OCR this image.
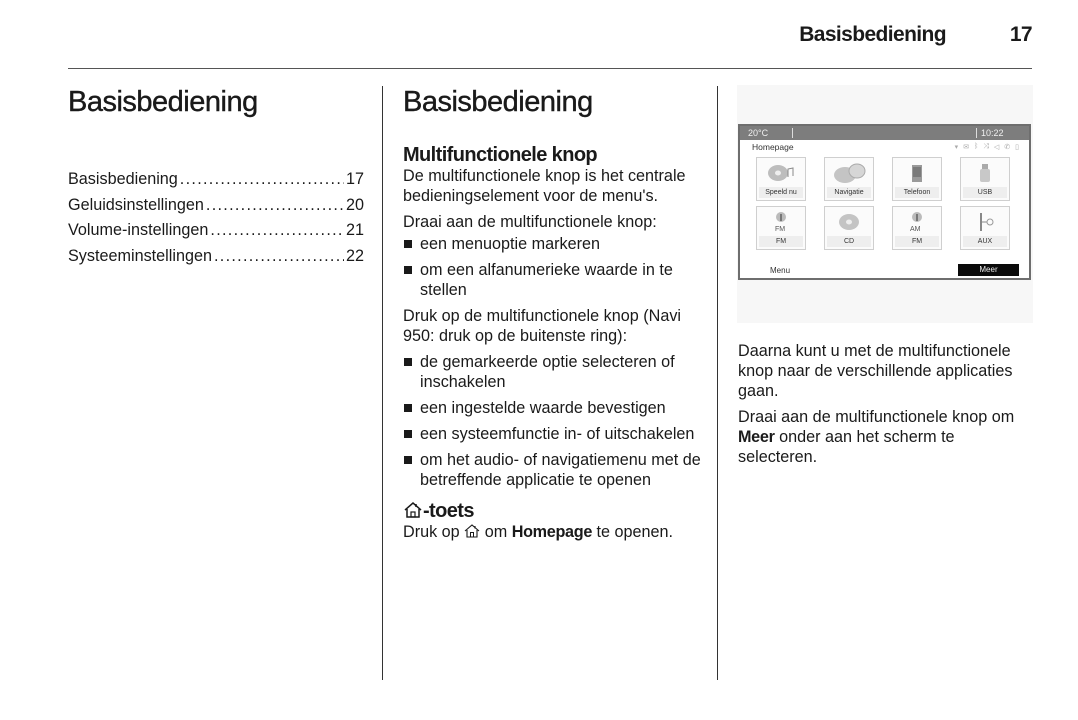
Basisbediening	17
Basisbediening
Basisbediening .....	17
Geluidsinstellingen .....	20
Volume-instellingen .....	21
Systeeminstellingen .....	22
Basisbediening
Multifunctionele knop

De multifunctionele knop is het centrale bedieningselement voor de menu's.

Draai aan de multifunctionele knop:

een menuoptie markeren
om een alfanumerieke waarde in te stellen

Druk op de multifunctionele knop (Navi 950: druk op de buitenste ring):

de gemarkeerde optie selecteren of inschakelen
een ingestelde waarde bevestigen
een systeemfunctie in- of uitschakelen
om het audio- of navigatiemenu met de betreffende applicatie te openen
-toets

Druk op om Homepage te openen.

20°C	10:22
Homepage	▾ ✉ ᛒ ⤨ ◁ ✆ ▯
Speeld nu	Navigatie	Telefoon	USB
FM
FM	CD
AM
FM	AUX
Menu	Meer

Daarna kunt u met de multifunctionele knop naar de verschillende applicaties gaan.

Draai aan de multifunctionele knop om Meer onder aan het scherm te selecteren.
